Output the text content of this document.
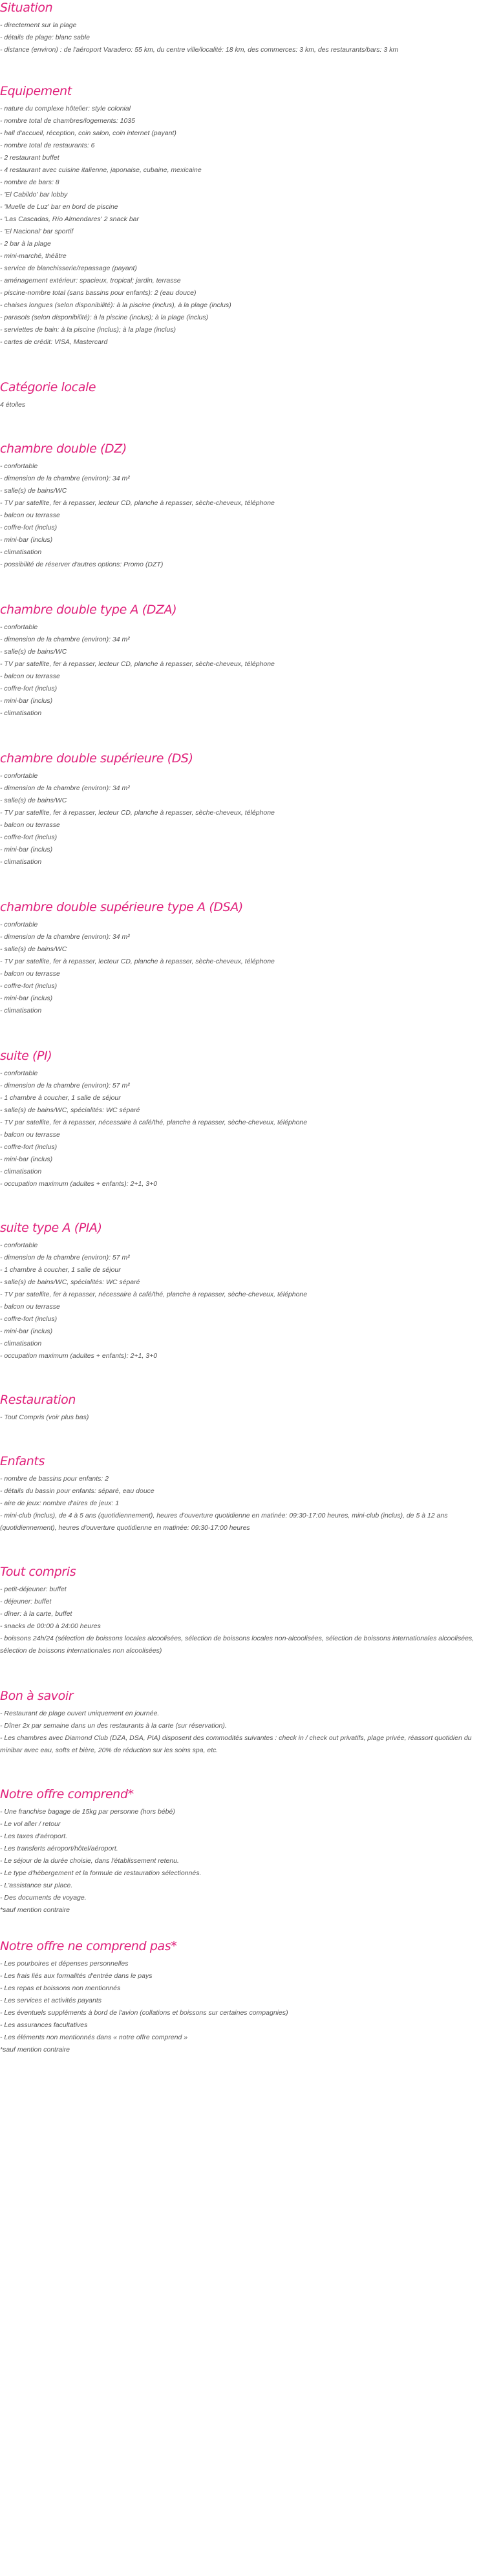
Situation
- directement sur la plage
- détails de plage: blanc sable
- distance (environ) : de l'aéroport Varadero: 55 km, du centre ville/localité: 18 km, des commerces: 3 km, des restaurants/bars: 3 km
Equipement
- nature du complexe hôtelier: style colonial
- nombre total de chambres/logements: 1035
- hall d'accueil, réception, coin salon, coin internet (payant)
- nombre total de restaurants: 6
- 2 restaurant buffet
- 4 restaurant avec cuisine italienne, japonaise, cubaine, mexicaine
- nombre de bars: 8
- 'El Cabildo' bar lobby
- 'Muelle de Luz' bar en bord de piscine
- 'Las Cascadas, Río Almendares' 2 snack bar
- 'El Nacional' bar sportif
- 2 bar à la plage
- mini-marché, théâtre
- service de blanchisserie/repassage (payant)
- aménagement extérieur: spacieux, tropical; jardin, terrasse
- piscine-nombre total (sans bassins pour enfants): 2 (eau douce)
- chaises longues (selon disponibilité): à la piscine (inclus), à la plage (inclus)
- parasols (selon disponibilité): à la piscine (inclus); à la plage (inclus)
- serviettes de bain: à la piscine (inclus); à la plage (inclus)
- cartes de crédit: VISA, Mastercard
Catégorie locale
4 étoiles
chambre double (DZ)
- confortable
- dimension de la chambre (environ): 34 m²
- salle(s) de bains/WC
- TV par satellite, fer à repasser, lecteur CD, planche à repasser, sèche-cheveux, téléphone
- balcon ou terrasse
- coffre-fort (inclus)
- mini-bar (inclus)
- climatisation
- possibilité de réserver d'autres options: Promo (DZT)
chambre double type A (DZA)
- confortable
- dimension de la chambre (environ): 34 m²
- salle(s) de bains/WC
- TV par satellite, fer à repasser, lecteur CD, planche à repasser, sèche-cheveux, téléphone
- balcon ou terrasse
- coffre-fort (inclus)
- mini-bar (inclus)
- climatisation
chambre double supérieure (DS)
- confortable
- dimension de la chambre (environ): 34 m²
- salle(s) de bains/WC
- TV par satellite, fer à repasser, lecteur CD, planche à repasser, sèche-cheveux, téléphone
- balcon ou terrasse
- coffre-fort (inclus)
- mini-bar (inclus)
- climatisation
chambre double supérieure type A (DSA)
- confortable
- dimension de la chambre (environ): 34 m²
- salle(s) de bains/WC
- TV par satellite, fer à repasser, lecteur CD, planche à repasser, sèche-cheveux, téléphone
- balcon ou terrasse
- coffre-fort (inclus)
- mini-bar (inclus)
- climatisation
suite (PI)
- confortable
- dimension de la chambre (environ): 57 m²
- 1 chambre à coucher, 1 salle de séjour
- salle(s) de bains/WC, spécialités: WC séparé
- TV par satellite, fer à repasser, nécessaire à café/thé, planche à repasser, sèche-cheveux, téléphone
- balcon ou terrasse
- coffre-fort (inclus)
- mini-bar (inclus)
- climatisation
- occupation maximum (adultes + enfants): 2+1, 3+0
suite type A (PIA)
- confortable
- dimension de la chambre (environ): 57 m²
- 1 chambre à coucher, 1 salle de séjour
- salle(s) de bains/WC, spécialités: WC séparé
- TV par satellite, fer à repasser, nécessaire à café/thé, planche à repasser, sèche-cheveux, téléphone
- balcon ou terrasse
- coffre-fort (inclus)
- mini-bar (inclus)
- climatisation
- occupation maximum (adultes + enfants): 2+1, 3+0
Restauration
- Tout Compris (voir plus bas)
Enfants
- nombre de bassins pour enfants: 2
- détails du bassin pour enfants: séparé, eau douce
- aire de jeux: nombre d'aires de jeux: 1
- mini-club (inclus), de 4 à 5 ans (quotidiennement), heures d'ouverture quotidienne en matinée: 09:30-17:00 heures, mini-club (inclus), de 5 à 12 ans (quotidiennement), heures d'ouverture quotidienne en matinée: 09:30-17:00 heures
Tout compris
- petit-déjeuner: buffet
- déjeuner: buffet
- dîner: à la carte, buffet
- snacks de 00:00 à 24:00 heures
- boissons 24h/24 (sélection de boissons locales alcoolisées, sélection de boissons locales non-alcoolisées, sélection de boissons internationales alcoolisées, sélection de boissons internationales non alcoolisées)
Bon à savoir
- Restaurant de plage ouvert uniquement en journée.
- Dîner 2x par semaine dans un des restaurants à la carte (sur réservation).
- Les chambres avec Diamond Club (DZA, DSA, PIA) disposent des commodités suivantes : check in / check out privatifs, plage privée, réassort quotidien du minibar avec eau, softs et bière, 20% de réduction sur les soins spa, etc.
Notre offre comprend*
- Une franchise bagage de 15kg par personne (hors bébé)
- Le vol aller / retour
- Les taxes d'aéroport.
- Les transferts aéroport/hôtel/aéroport.
- Le séjour de la durée choisie, dans l'établissement retenu.
- Le type d'hébergement et la formule de restauration sélectionnés.
- L'assistance sur place.
- Des documents de voyage.
*sauf mention contraire
Notre offre ne comprend pas*
- Les pourboires et dépenses personnelles
- Les frais liés aux formalités d'entrée dans le pays
- Les repas et boissons non mentionnés
- Les services et activités payants
- Les éventuels suppléments à bord de l'avion (collations et boissons sur certaines compagnies)
- Les assurances facultatives
- Les éléments non mentionnés dans « notre offre comprend »
*sauf mention contraire
